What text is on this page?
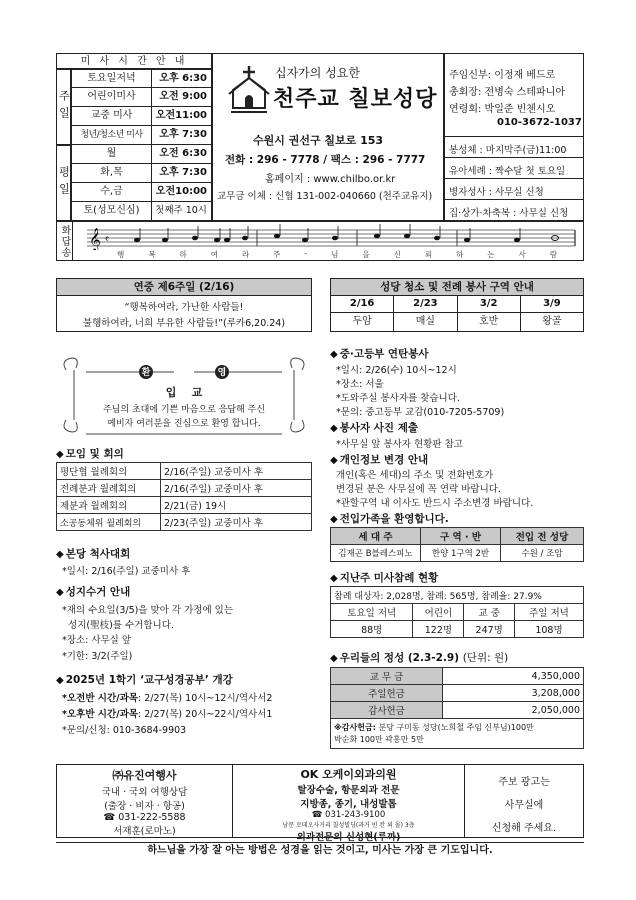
미 사 시 간 안 내
주일
평일
토요일저녁	오후 6:30
어린이미사	오전 9:00
교중 미사	오전11:00
청년/청소년 미사	오후 7:30
월	오전 6:30
화,목	오후 7:30
수,금	오전10:00
토(성모신심)	첫째주 10시
십자가의 성요한
천주교 칠보성당
수원시 권선구 칠보로 153
전화 : 296 - 7778 / 팩스 : 296 - 7777
홈페이지 : www.chilbo.or.kr
교무금 이체 : 신협 131-002-040660 (천주교유지)
주임신부: 이정재 베드로
총회장: 전병숙 스테파니아
연령회: 박일준 빈첸시오
010-3672-1037
봉성체 : 마지막주(금)11:00
유아세례 : 짝수달 첫 토요일
병자성사 : 사무실 신청
집·상가·차축복 : 사무실 신청
화답송 𝄞 𝄴
행	복	하	여	라	주	-	님	을	신	뢰	하	는	사	람
연중 제6주일 (2/16)
“행복하여라, 가난한 사람들!
불행하여라, 너희 부유한 사람들!”(루카6,20.24)
성당 청소 및 전례 봉사 구역 안내
2/16	2/23	3/2	3/9
두암	매실	호반	왕골
환	영
입    교
주님의 초대에 기쁜 마음으로 응답해 주신
예비자 여러분을 진심으로 환영 합니다.
◆ 모임 및 회의
평단협 월례회의	2/16(주일) 교중미사 후
전례분과 월례회의	2/16(주일) 교중미사 후
제분과 월례회의	2/21(금) 19시
소공동체위 월례회의	2/23(주일) 교중미사 후
◆ 본당 척사대회
*일시: 2/16(주일) 교중미사 후
◆ 성지수거 안내
*재의 수요일(3/5)을 맞아 각 가정에 있는
성지(聖枝)를 수거합니다.
*장소: 사무실 앞
*기한: 3/2(주일)
◆ 2025년 1학기 ‘교구성경공부’ 개강
*오전반 시간/과목: 2/27(목) 10시~12시/역사서2
*오후반 시간/과목: 2/27(목) 20시~22시/역사서1
*문의/신청: 010-3684-9903
◆ 중·고등부 연탄봉사
*일시: 2/26(수) 10시~12시
*장소: 서울
*도와주실 봉사자를 찾습니다.
*문의: 중고등부 교감(010-7205-5709)
◆ 봉사자 사진 제출
*사무실 앞 봉사자 현황판 참고
◆ 개인정보 변경 안내
개인(혹은 세대)의 주소 및 전화번호가
변경된 분은 사무실에 꼭 연락 바랍니다.
*관할구역 내 이사도 반드시 주소변경 바랍니다.
◆ 전입가족을 환영합니다.
세 대 주	구 역 · 반	전입 전 성당
김재곤 B블레스피노	한양 1구역 2반	수원 / 조암
◆ 지난주 미사참례 현황
참례 대상자: 2,028명, 참례: 565명, 참례율: 27.9%			
토요일 저녁	어린이	교 중	주일 저녁
88명	122명	247명	108명
◆ 우리들의 정성 (2.3-2.9) (단위: 원)
교 무 금	4,350,000
주일헌금	3,208,000
감사헌금	2,050,000
※감사헌금: 분당 구미동 성당(노희철 주임 신부님)100만
박순화 100만 곽홍만 5만	
㈜유진여행사
국내 · 국외 여행상담
(출장 · 비자 · 항공)
☎ 031-222-5588
서재훈(로마노)
OK 오케이외과의원
탈장수술, 항문외과 전문
지방종, 종기, 내성발톱
☎ 031-243-9100
남문 로데오사거리 칠성빌딩(과거 빈 칸 외 몰) 3층
외과전문의 신성현(루까)
주보 광고는
사무실에
신청해 주세요.
하느님을 가장 잘 아는 방법은 성경을 읽는 것이고, 미사는 가장 큰 기도입니다.
